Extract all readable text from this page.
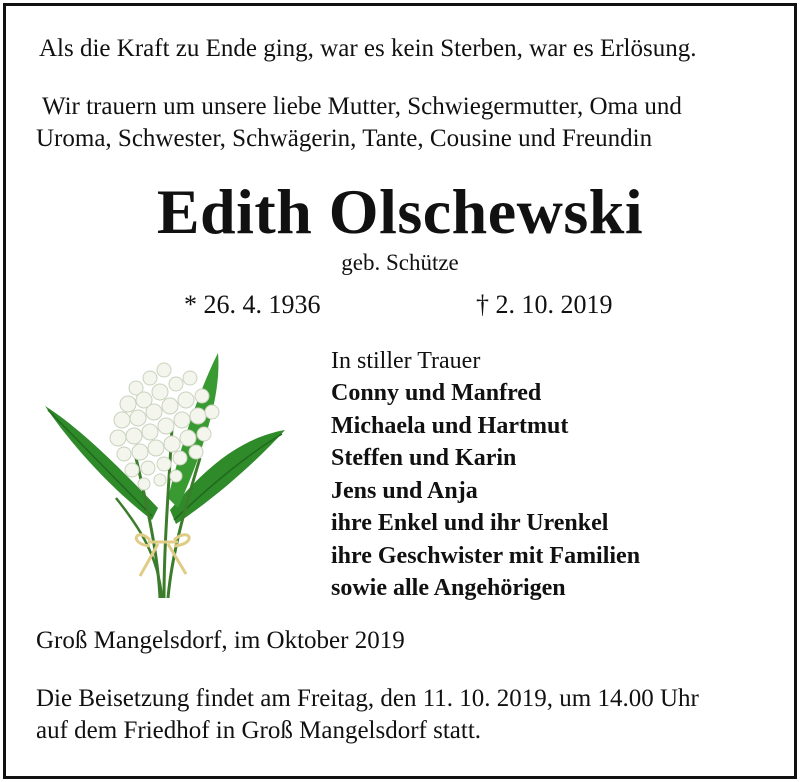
Als die Kraft zu Ende ging, war es kein Sterben, war es Erlösung.
Wir trauern um unsere liebe Mutter, Schwiegermutter, Oma und
Uroma, Schwester, Schwägerin, Tante, Cousine und Freundin
Edith Olschewski
geb. Schütze
* 26. 4. 1936	† 2. 10. 2019
In stiller Trauer
Conny und Manfred
Michaela und Hartmut
Steffen und Karin
Jens und Anja
ihre Enkel und ihr Urenkel
ihre Geschwister mit Familien
sowie alle Angehörigen
Groß Mangelsdorf, im Oktober 2019
Die Beisetzung findet am Freitag, den 11. 10. 2019, um 14.00 Uhr
auf dem Friedhof in Groß Mangelsdorf statt.
